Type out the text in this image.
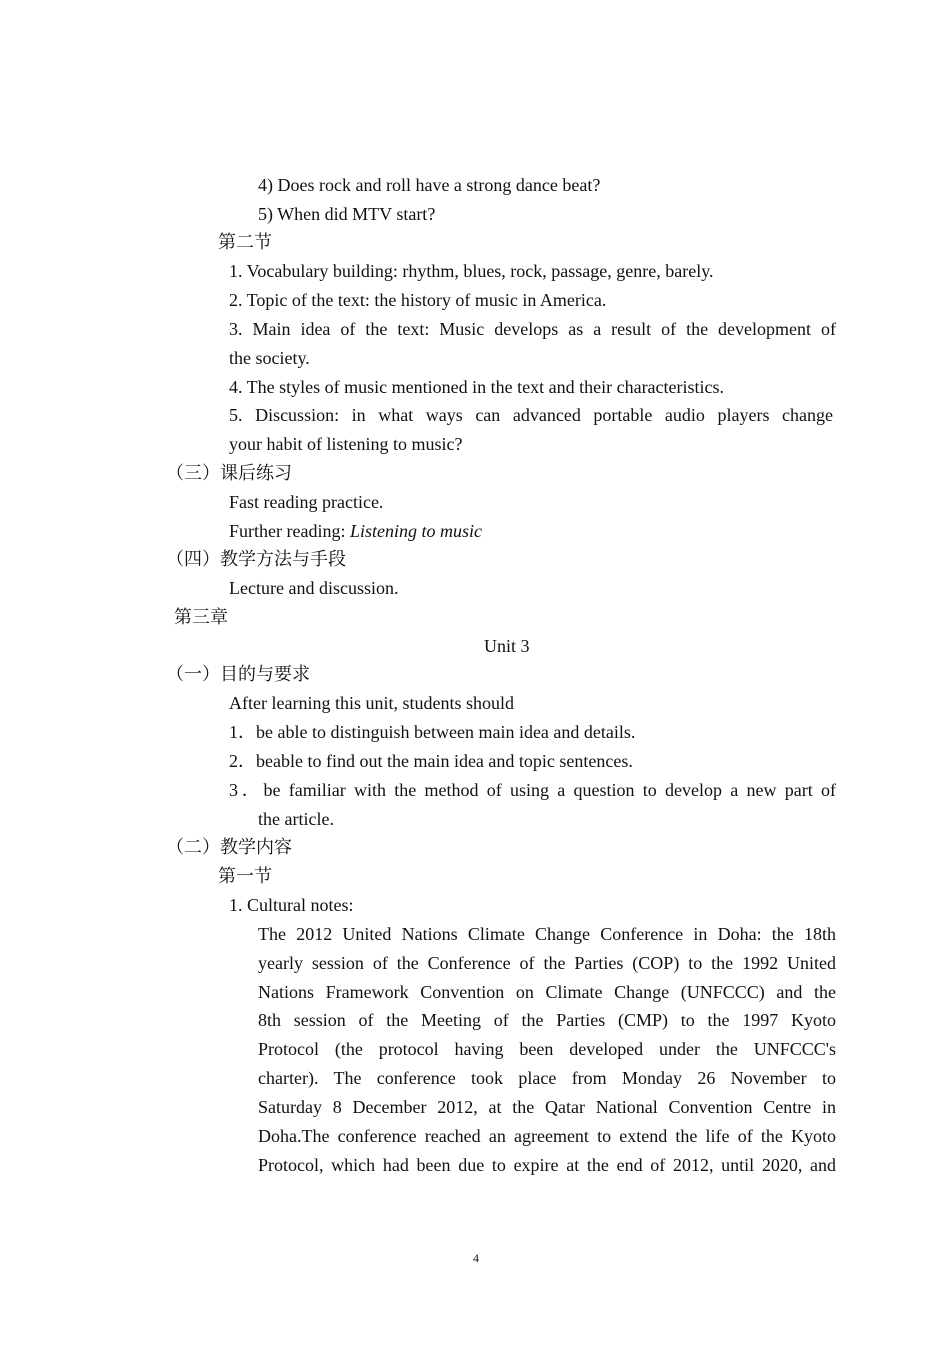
4) Does rock and roll have a strong dance beat?
5) When did MTV start?
第二节
1. Vocabulary building: rhythm, blues, rock, passage, genre, barely.
2. Topic of the text: the history of music in America.
3. Main idea of the text: Music develops as a result of the development of
the society.
4. The styles of music mentioned in the text and their characteristics.
5. Discussion: in what ways can advanced portable audio players change
your habit of listening to music?
（三）课后练习
Fast reading practice.
Further reading: Listening to music
（四）教学方法与手段
Lecture and discussion.
第三章
Unit 3
（一）目的与要求
After learning this unit, students should
1．be able to distinguish between main idea and details.
2．beable to find out the main idea and topic sentences.
3．be familiar with the method of using a question to develop a new part of
the article.
（二）教学内容
第一节
1. Cultural notes:
The 2012 United Nations Climate Change Conference in Doha: the 18th
yearly session of the Conference of the Parties (COP) to the 1992 United
Nations Framework Convention on Climate Change (UNFCCC) and the
8th session of the Meeting of the Parties (CMP) to the 1997 Kyoto
Protocol (the protocol having been developed under the UNFCCC's
charter). The conference took place from Monday 26 November to
Saturday 8 December 2012, at the Qatar National Convention Centre in
Doha.The conference reached an agreement to extend the life of the Kyoto
Protocol, which had been due to expire at the end of 2012, until 2020, and
4
